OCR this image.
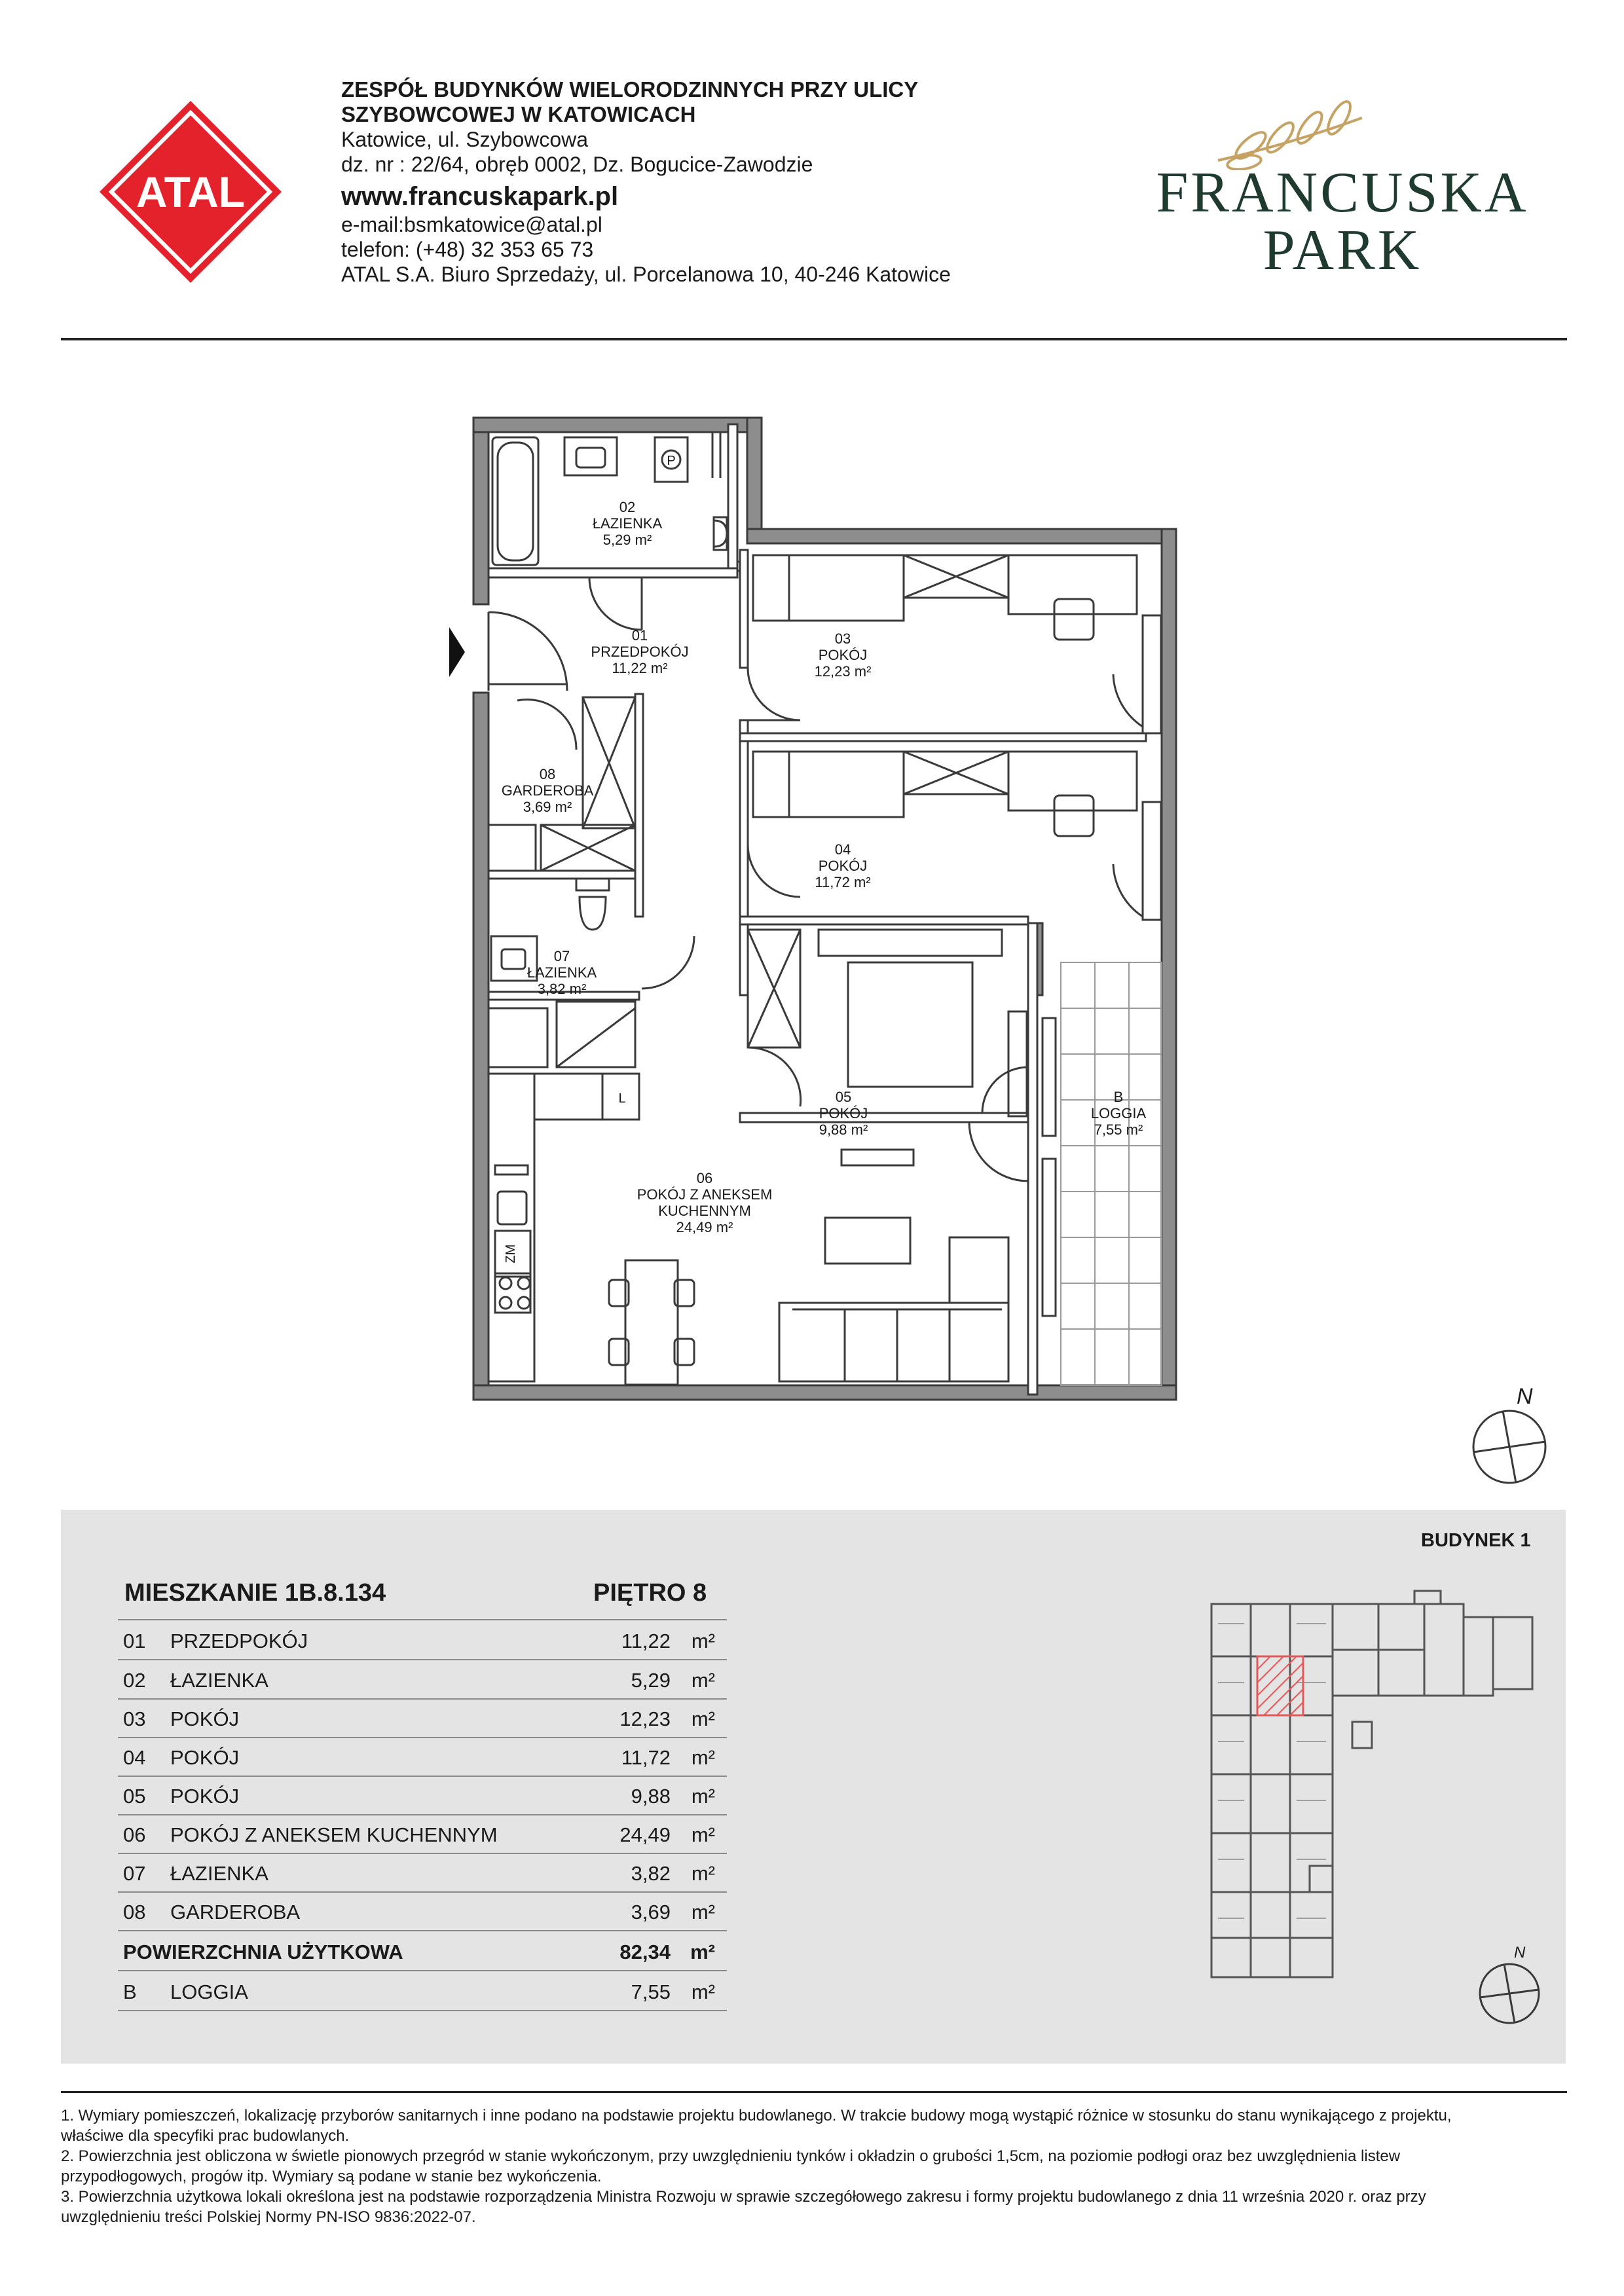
ATAL
ZESPÓŁ BUDYNKÓW WIELORODZINNYCH PRZY ULICY
SZYBOWCOWEJ W KATOWICACH
Katowice, ul. Szybowcowa
dz. nr : 22/64, obręb 0002, Dz. Bogucice-Zawodzie
www.francuskapark.pl
e-mail:bsmkatowice@atal.pl
telefon: (+48) 32 353 65 73
ATAL S.A. Biuro Sprzedaży, ul. Porcelanowa 10, 40-246 Katowice
FRANCUSKA
PARK
P
L
ZM
02
ŁAZIENKA
5,29 m²
01
PRZEDPOKÓJ
11,22 m²
03
POKÓJ
12,23 m²
08
GARDEROBA
3,69 m²
04
POKÓJ
11,72 m²
07
ŁAZIENKA
3,82 m²
05
POKÓJ
9,88 m²
B
LOGGIA
7,55 m²
06
POKÓJ Z ANEKSEM
KUCHENNYM
24,49 m²
N
BUDYNEK 1
MIESZKANIE 1B.8.134	PIĘTRO 8
01 PRZEDPOKÓJ	11,22 m²
02 ŁAZIENKA	5,29 m²
03 POKÓJ	12,23 m²
04 POKÓJ	11,72 m²
05 POKÓJ	9,88 m²
06 POKÓJ Z ANEKSEM KUCHENNYM	24,49 m²
07 ŁAZIENKA	3,82 m²
08 GARDEROBA	3,69 m²
POWIERZCHNIA UŻYTKOWA	82,34 m²
B LOGGIA	7,55 m²
N
1. Wymiary pomieszczeń, lokalizację przyborów sanitarnych i inne podano na podstawie projektu budowlanego. W trakcie budowy mogą wystąpić różnice w stosunku do stanu wynikającego z projektu,
właściwe dla specyfiki prac budowlanych.
2. Powierzchnia jest obliczona w świetle pionowych przegród w stanie wykończonym, przy uwzględnieniu tynków i okładzin o grubości 1,5cm, na poziomie podłogi oraz bez uwzględnienia listew
przypodłogowych, progów itp. Wymiary są podane w stanie bez wykończenia.
3. Powierzchnia użytkowa lokali określona jest na podstawie rozporządzenia Ministra Rozwoju w sprawie szczegółowego zakresu i formy projektu budowlanego z dnia 11 września 2020 r. oraz przy
uwzględnieniu treści Polskiej Normy PN-ISO 9836:2022-07.
